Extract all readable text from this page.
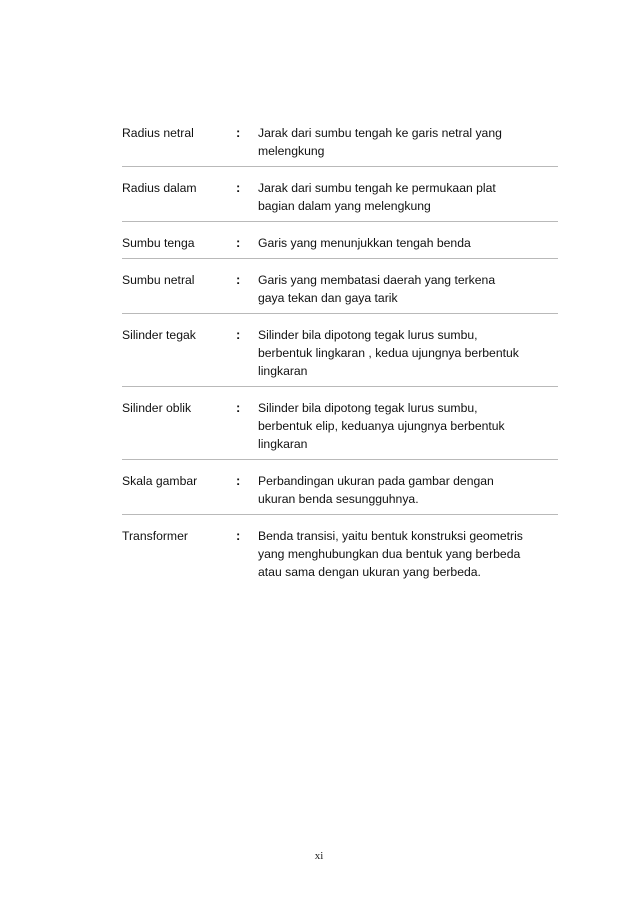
Radius netral	:	Jarak dari sumbu tengah ke garis netral yang
melengkung
Radius dalam	:	Jarak dari sumbu tengah ke permukaan plat
bagian dalam yang melengkung
Sumbu tenga	:	Garis yang menunjukkan tengah benda
Sumbu netral	:	Garis yang membatasi daerah yang terkena
gaya tekan dan gaya tarik
Silinder tegak	:	Silinder bila dipotong tegak lurus sumbu,
berbentuk lingkaran , kedua ujungnya berbentuk
lingkaran
Silinder oblik	:	Silinder bila dipotong tegak lurus sumbu,
berbentuk elip, keduanya ujungnya berbentuk
lingkaran
Skala gambar	:	Perbandingan ukuran pada gambar dengan
ukuran benda sesungguhnya.
Transformer	:	Benda transisi, yaitu bentuk konstruksi geometris
yang menghubungkan dua bentuk yang berbeda
atau sama dengan ukuran yang berbeda.
xi
